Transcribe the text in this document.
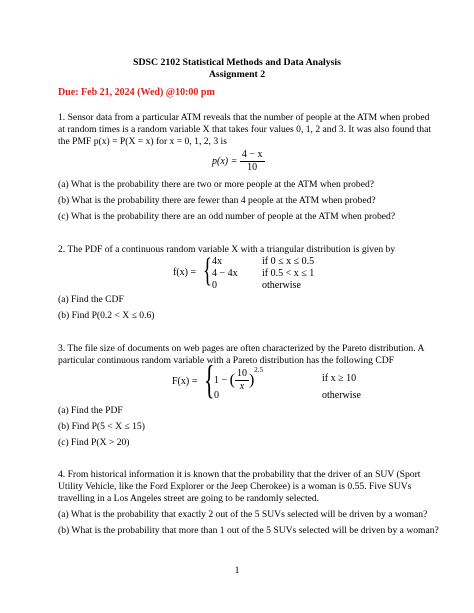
SDSC 2102 Statistical Methods and Data Analysis
Assignment 2
Due: Feb 21, 2024 (Wed) @10:00 pm
1. Sensor data from a particular ATM reveals that the number of people at the ATM when probed
at random times is a random variable X that takes four values 0, 1, 2 and 3. It was also found that
the PMF p(x) = P(X = x) for x = 0, 1, 2, 3 is
$p(x) = \frac{4 - x}{10}$
(a) What is the probability there are two or more people at the ATM when probed?
(b) What is the probability there are fewer than 4 people at the ATM when probed?
(c) What is the probability there are an odd number of people at the ATM when probed?
2. The PDF of a continuous random variable X with a triangular distribution is given by
f(x) = { 4x	if 0 ≤ x ≤ 0.5
4 − 4x if 0.5 < x ≤ 1
0	otherwise
(a) Find the CDF
(b) Find P(0.2 < X ≤ 0.6)
3. The file size of documents on web pages are often characterized by the Pareto distribution. A
particular continuous random variable with a Pareto distribution has the following CDF
F(x) = { 1 − ( $\frac{10}{x} )^{2.5}$
if x ≥ 10
0	otherwise
(a) Find the PDF
(b) Find P(5 < X ≤ 15)
(c) Find P(X > 20)
4. From historical information it is known that the probability that the driver of an SUV (Sport
Utility Vehicle, like the Ford Explorer or the Jeep Cherokee) is a woman is 0.55. Five SUVs
travelling in a Los Angeles street are going to be randomly selected.
(a) What is the probability that exactly 2 out of the 5 SUVs selected will be driven by a woman?
(b) What is the probability that more than 1 out of the 5 SUVs selected will be driven by a woman?
1
